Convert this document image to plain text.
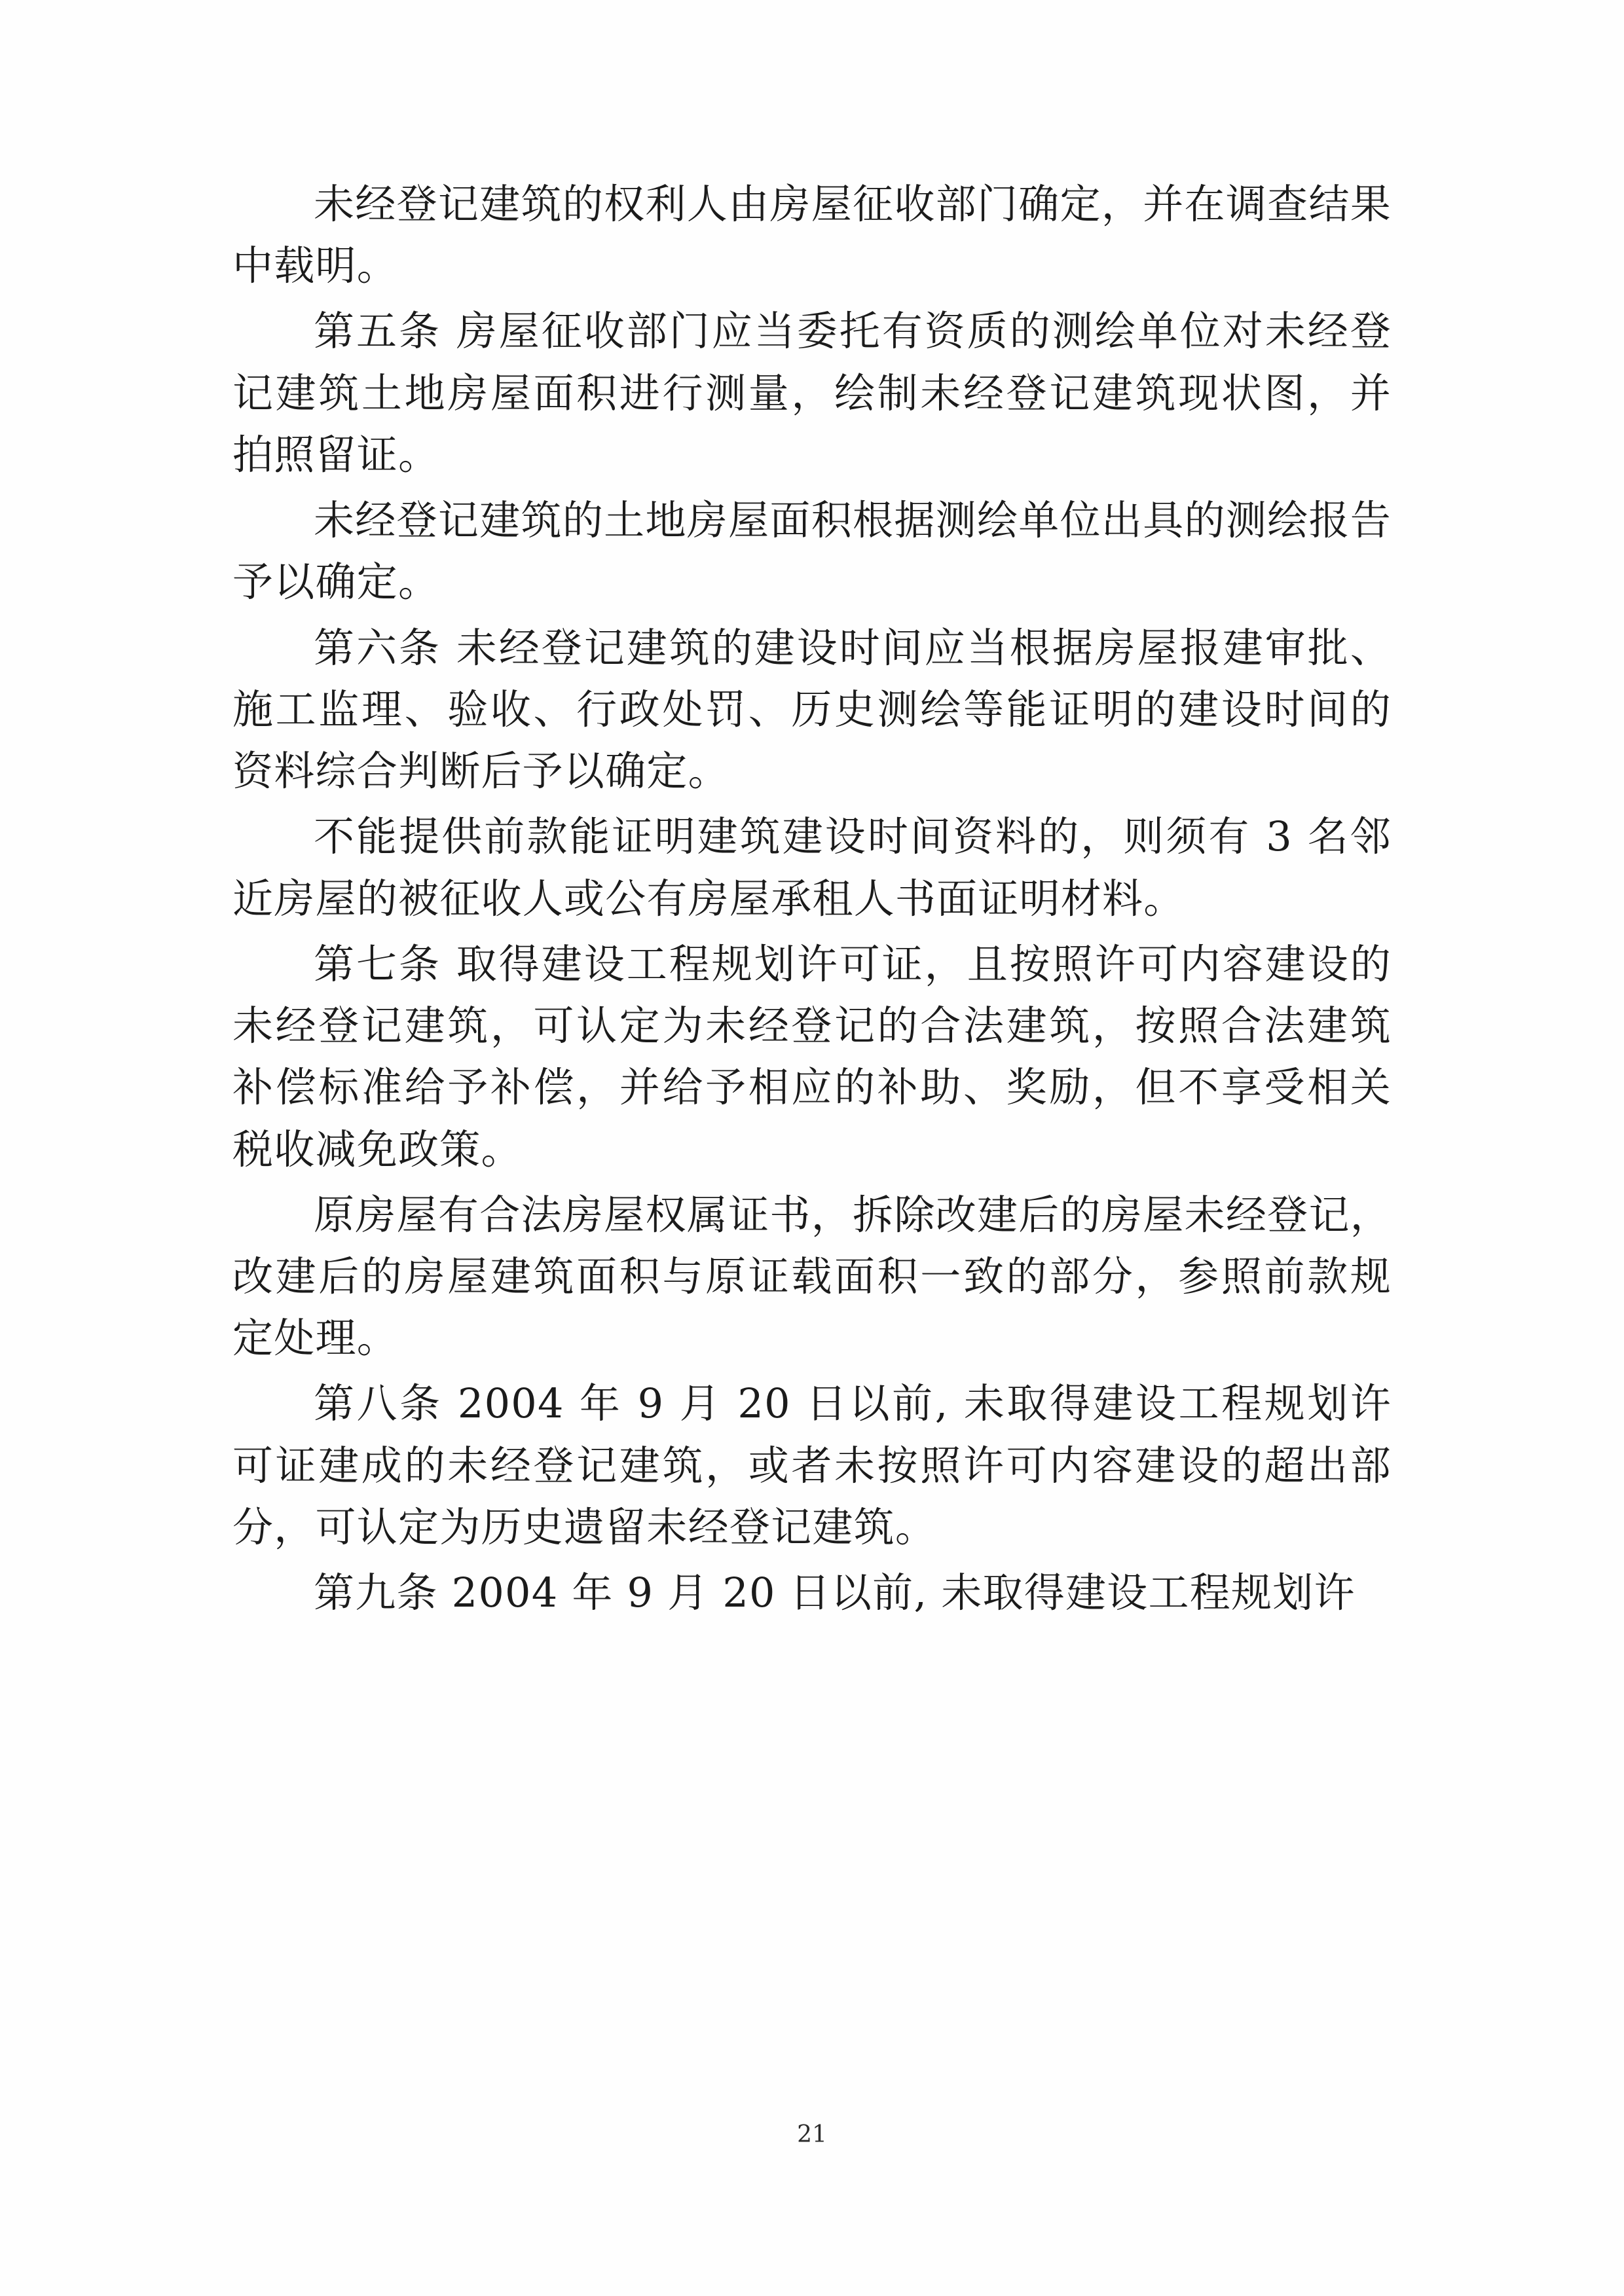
未经登记建筑的权利人由房屋征收部门确定，并在调查结果中载明。

第五条 房屋征收部门应当委托有资质的测绘单位对未经登记建筑土地房屋面积进行测量，绘制未经登记建筑现状图，并拍照留证。

未经登记建筑的土地房屋面积根据测绘单位出具的测绘报告予以确定。

第六条 未经登记建筑的建设时间应当根据房屋报建审批、施工监理、验收、行政处罚、历史测绘等能证明的建设时间的资料综合判断后予以确定。

不能提供前款能证明建筑建设时间资料的，则须有 3 名邻近房屋的被征收人或公有房屋承租人书面证明材料。

第七条 取得建设工程规划许可证，且按照许可内容建设的未经登记建筑，可认定为未经登记的合法建筑，按照合法建筑补偿标准给予补偿，并给予相应的补助、奖励，但不享受相关税收减免政策。

原房屋有合法房屋权属证书，拆除改建后的房屋未经登记，改建后的房屋建筑面积与原证载面积一致的部分，参照前款规定处理。

第八条 2004 年 9 月 20 日以前, 未取得建设工程规划许可证建成的未经登记建筑，或者未按照许可内容建设的超出部分，可认定为历史遗留未经登记建筑。

第九条 2004 年 9 月 20 日以前, 未取得建设工程规划许

21
